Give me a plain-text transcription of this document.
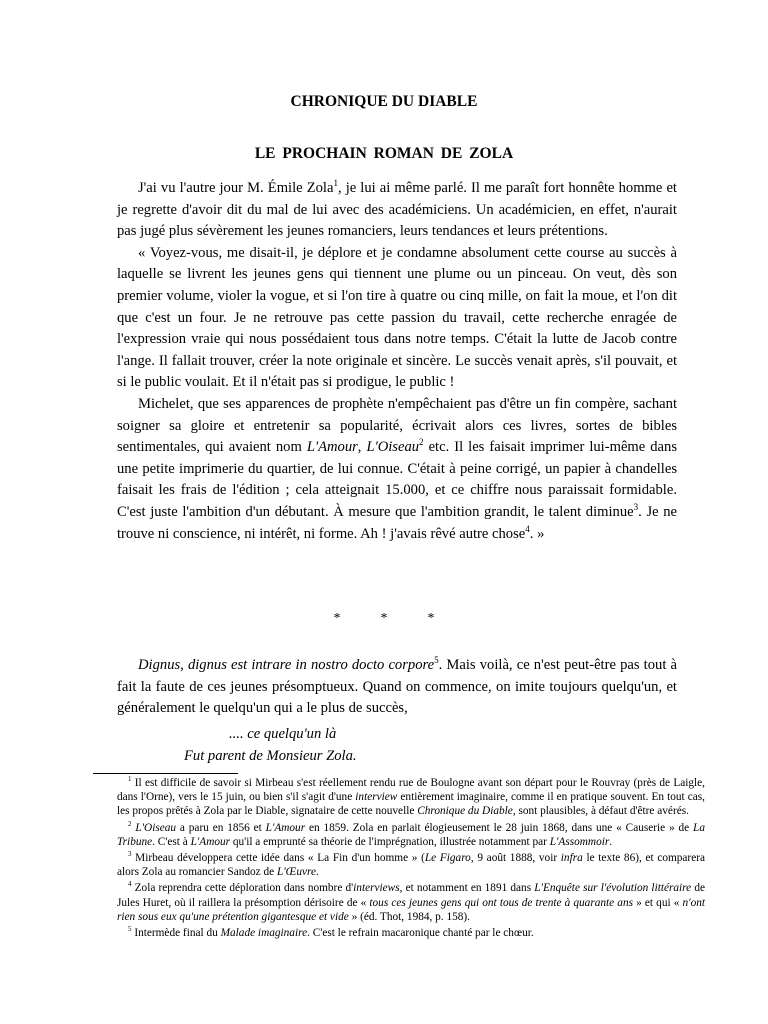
CHRONIQUE DU DIABLE
LE PROCHAIN ROMAN DE ZOLA

J'ai vu l'autre jour M. Émile Zola$^1$, je lui ai même parlé. Il me paraît fort honnête homme et je regrette d'avoir dit du mal de lui avec des académiciens. Un académicien, en effet, n'aurait pas jugé plus sévèrement les jeunes romanciers, leurs tendances et leurs prétentions.

« Voyez-vous, me disait-il, je déplore et je condamne absolument cette course au succès à laquelle se livrent les jeunes gens qui tiennent une plume ou un pinceau. On veut, dès son premier volume, violer la vogue, et si l'on tire à quatre ou cinq mille, on fait la moue, et l'on dit que c'est un four. Je ne retrouve pas cette passion du travail, cette recherche enragée de l'expression vraie qui nous possédaient tous dans notre temps. C'était la lutte de Jacob contre l'ange. Il fallait trouver, créer la note originale et sincère. Le succès venait après, s'il pouvait, et si le public voulait. Et il n'était pas si prodigue, le public !

Michelet, que ses apparences de prophète n'empêchaient pas d'être un fin compère, sachant soigner sa gloire et entretenir sa popularité, écrivait alors ces livres, sortes de bibles sentimentales, qui avaient nom L'Amour, L'Oiseau$^2$ etc. Il les faisait imprimer lui-même dans une petite imprimerie du quartier, de lui connue. C'était à peine corrigé, un papier à chandelles faisait les frais de l'édition ; cela atteignait 15.000, et ce chiffre nous paraissait formidable. C'est juste l'ambition d'un débutant. À mesure que l'ambition grandit, le talent diminue$^3$. Je ne trouve ni conscience, ni intérêt, ni forme. Ah ! j'avais rêvé autre chose$^4$. »

*	*	*

Dignus, dignus est intrare in nostro docto corpore$^5$. Mais voilà, ce n'est peut-être pas tout à fait la faute de ces jeunes présomptueux. Quand on commence, on imite toujours quelqu'un, et généralement le quelqu'un qui a le plus de succès,

.... ce quelqu'un là
Fut parent de Monsieur Zola.

$^1$ Il est difficile de savoir si Mirbeau s'est réellement rendu rue de Boulogne avant son départ pour le Rouvray (près de Laigle, dans l'Orne), vers le 15 juin, ou bien s'il s'agit d'une interview entièrement imaginaire, comme il en pratique souvent. En tout cas, les propos prêtés à Zola par le Diable, signataire de cette nouvelle Chronique du Diable, sont plausibles, à défaut d'être avérés.

$^2$ L'Oiseau a paru en 1856 et L'Amour en 1859. Zola en parlait élogieusement le 28 juin 1868, dans une « Causerie » de La Tribune. C'est à L'Amour qu'il a emprunté sa théorie de l'imprégnation, illustrée notamment par L'Assommoir.

$^3$ Mirbeau développera cette idée dans « La Fin d'un homme » (Le Figaro, 9 août 1888, voir infra le texte 86), et comparera alors Zola au romancier Sandoz de L'Œuvre.

$^4$ Zola reprendra cette déploration dans nombre d'interviews, et notamment en 1891 dans L'Enquête sur l'évolution littéraire de Jules Huret, où il raillera la présomption dérisoire de « tous ces jeunes gens qui ont tous de trente à quarante ans » et qui « n'ont rien sous eux qu'une prétention gigantesque et vide » (éd. Thot, 1984, p. 158).

$^5$ Intermède final du Malade imaginaire. C'est le refrain macaronique chanté par le chœur.
